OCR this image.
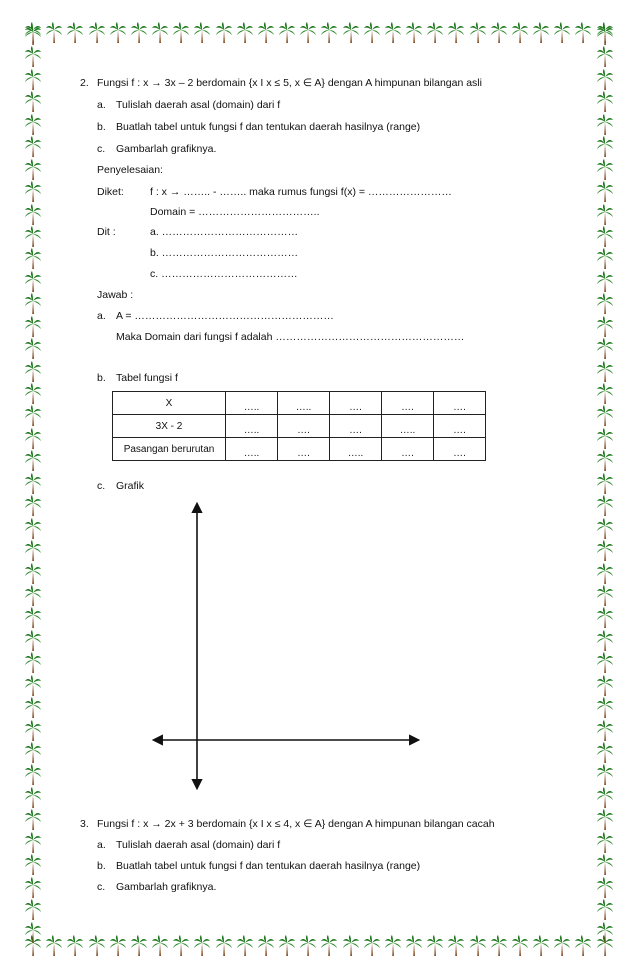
2. Fungsi f : x → 3x – 2 berdomain {x I x ≤ 5, x ∈ A} dengan A himpunan bilangan asli
a. Tulislah daerah asal (domain) dari f
b. Buatlah tabel untuk fungsi f dan tentukan daerah hasilnya (range)
c. Gambarlah grafiknya.
Penyelesaian:
Diket: f : x → …….. - …….. maka rumus fungsi f(x) = ……………………
Domain = ……………………………..
Dit :	a. …………………………………
b. …………………………………
c. …………………………………
Jawab :
a. A = …………………………………………………
Maka Domain dari fungsi f adalah ………………………………………………
b. Tabel fungsi f
X	…..	…..	….	….	….
3X - 2	…..	….	….	…..	….
Pasangan berurutan	…..	….	…..	….	….
c. Grafik
3. Fungsi f : x → 2x + 3 berdomain {x I x ≤ 4, x ∈ A} dengan A himpunan bilangan cacah
a. Tulislah daerah asal (domain) dari f
b. Buatlah tabel untuk fungsi f dan tentukan daerah hasilnya (range)
c. Gambarlah grafiknya.
